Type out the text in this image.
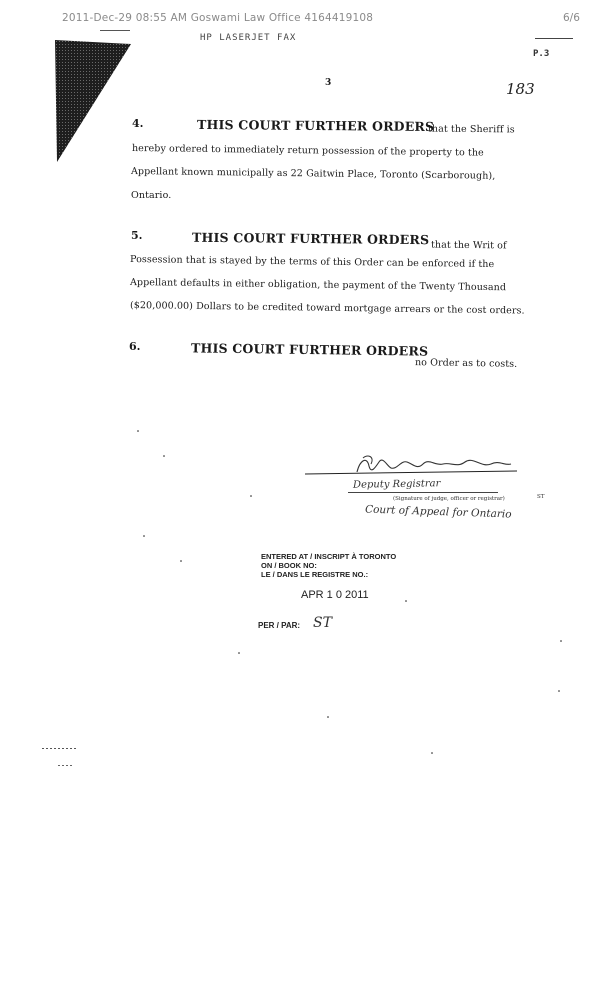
2011-Dec-29 08:55 AM Goswami Law Office 4164419108	6/6
HP LASERJET FAX
P.3
3	183
4.	THIS COURT FURTHER ORDERS
that the Sheriff is
hereby ordered to immediately return possession of the property to the
Appellant known municipally as 22 Gaitwin Place, Toronto (Scarborough),
Ontario.
5.	THIS COURT FURTHER ORDERS that the Writ of
Possession that is stayed by the terms of this Order can be enforced if the
Appellant defaults in either obligation, the payment of the Twenty Thousand
($20,000.00) Dollars to be credited toward mortgage arrears or the cost orders.
6.	THIS COURT FURTHER ORDERS
no Order as to costs.
Deputy Registrar
(Signature of judge, officer or registrar)	ST
Court of Appeal for Ontario
ENTERED AT / INSCRIPT À TORONTO
ON / BOOK NO:
LE / DANS LE REGISTRE NO.:
APR 1 0 2011
PER / PAR: ST
